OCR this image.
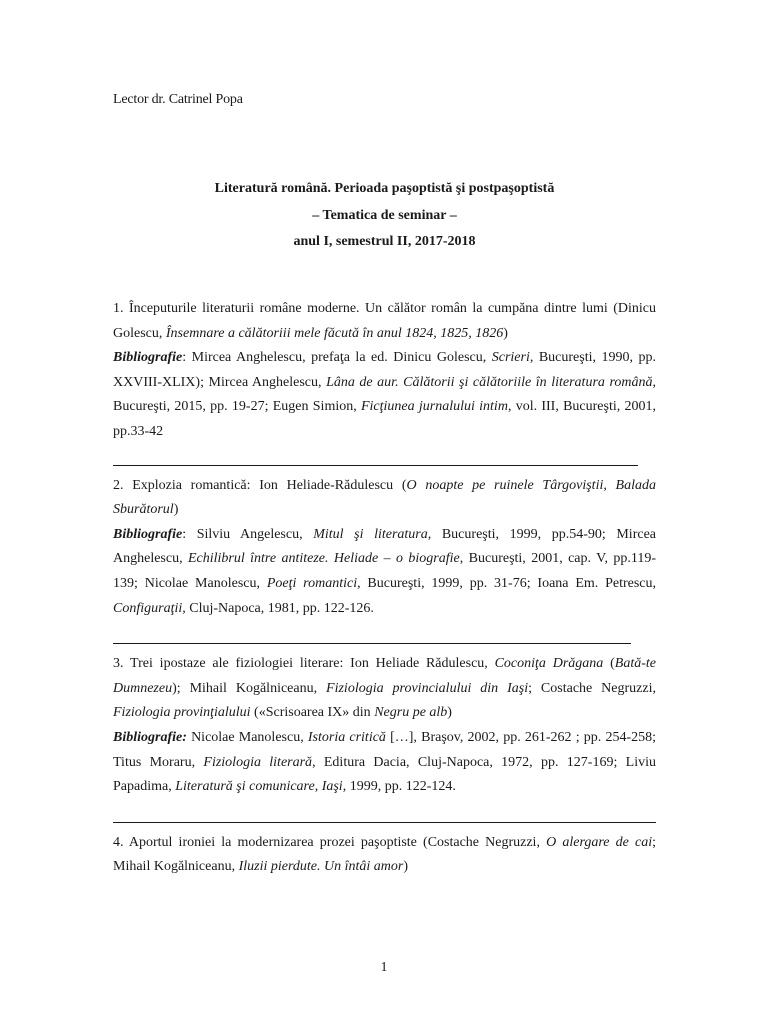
Lector dr. Catrinel Popa
Literatură română. Perioada paşoptistă şi postpaşoptistă
– Tematica de seminar –
anul I, semestrul II, 2017-2018

1. Începuturile literaturii române moderne. Un călător român la cumpăna dintre lumi (Dinicu Golescu, Însemnare a călătoriii mele făcută în anul 1824, 1825, 1826)

Bibliografie: Mircea Anghelescu, prefaţa la ed. Dinicu Golescu, Scrieri, Bucureşti, 1990, pp. XXVIII-XLIX); Mircea Anghelescu, Lâna de aur. Călătorii şi călătoriile în literatura română, Bucureşti, 2015, pp. 19-27; Eugen Simion, Ficţiunea jurnalului intim, vol. III, Bucureşti, 2001, pp.33-42

2. Explozia romantică: Ion Heliade-Rădulescu (O noapte pe ruinele Târgoviştii, Balada Sburătorul)

Bibliografie: Silviu Angelescu, Mitul şi literatura, Bucureşti, 1999, pp.54-90; Mircea Anghelescu, Echilibrul între antiteze. Heliade – o biografie, Bucureşti, 2001, cap. V, pp.119-139; Nicolae Manolescu, Poeţi romantici, Bucureşti, 1999, pp. 31-76; Ioana Em. Petrescu, Configuraţii, Cluj-Napoca, 1981, pp. 122-126.

3. Trei ipostaze ale fiziologiei literare: Ion Heliade Rădulescu, Coconiţa Drăgana (Bată-te Dumnezeu); Mihail Kogălniceanu, Fiziologia provincialului din Iaşi; Costache Negruzzi, Fiziologia provinţialului («Scrisoarea IX» din Negru pe alb)

Bibliografie: Nicolae Manolescu, Istoria critică […], Braşov, 2002, pp. 261-262 ; pp. 254-258; Titus Moraru, Fiziologia literară, Editura Dacia, Cluj-Napoca, 1972, pp. 127-169; Liviu Papadima, Literatură şi comunicare, Iaşi, 1999, pp. 122-124.

4. Aportul ironiei la modernizarea prozei paşoptiste (Costache Negruzzi, O alergare de cai; Mihail Kogălniceanu, Iluzii pierdute. Un întâi amor)

1
